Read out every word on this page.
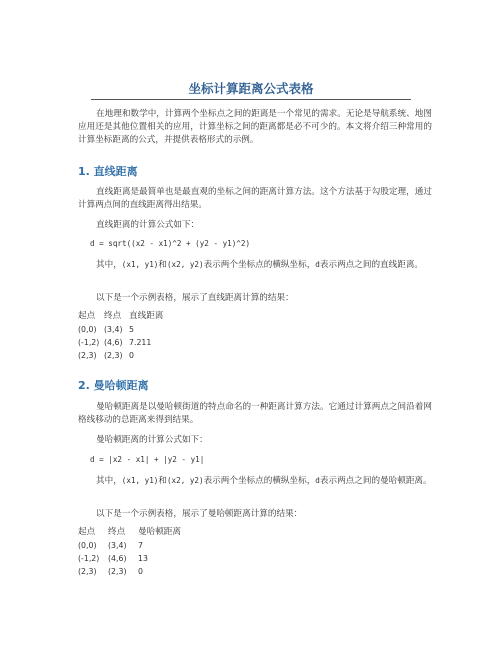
坐标计算距离公式表格

在地理和数学中，计算两个坐标点之间的距离是一个常见的需求。无论是导航系统、地图应用还是其他位置相关的应用，计算坐标之间的距离都是必不可少的。本文将介绍三种常用的计算坐标距离的公式，并提供表格形式的示例。

1. 直线距离

直线距离是最简单也是最直观的坐标之间的距离计算方法。这个方法基于勾股定理，通过计算两点间的直线距离得出结果。

直线距离的计算公式如下：

d = sqrt((x2 - x1)^2 + (y2 - y1)^2)

其中，(x1, y1)和(x2, y2)表示两个坐标点的横纵坐标，d表示两点之间的直线距离。

以下是一个示例表格，展示了直线距离计算的结果：

起点 终点 直线距离
(0,0) (3,4) 5
(-1,2) (4,6) 7.211
(2,3) (2,3) 0
2. 曼哈顿距离

曼哈顿距离是以曼哈顿街道的特点命名的一种距离计算方法。它通过计算两点之间沿着网格线移动的总距离来得到结果。

曼哈顿距离的计算公式如下：

d = |x2 - x1| + |y2 - y1|

其中，(x1, y1)和(x2, y2)表示两个坐标点的横纵坐标，d表示两点之间的曼哈顿距离。

以下是一个示例表格，展示了曼哈顿距离计算的结果：

起点 终点 曼哈顿距离
(0,0) (3,4) 7
(-1,2) (4,6) 13
(2,3) (2,3) 0
